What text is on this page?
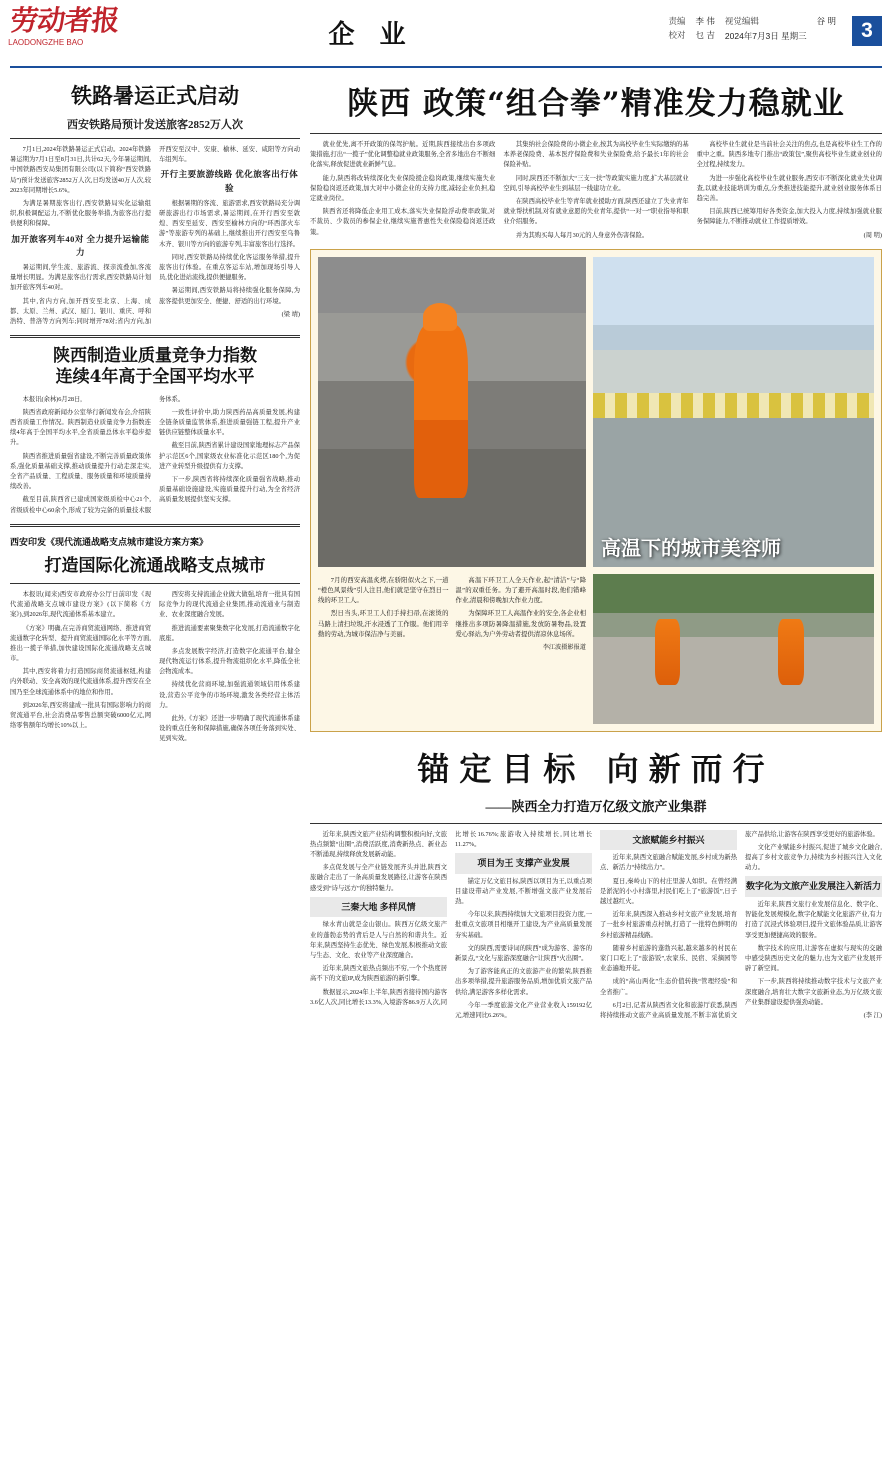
劳动者报
LAODONGZHE BAO	企 业	责编 李 伟 视觉编辑	谷 明
校对 乜 吉 2024年7月3日 星期三	3
铁路暑运正式启动
西安铁路局预计发送旅客2852万人次

7月1日,2024年铁路暑运正式启动。2024年铁路暑运期为7月1日至8月31日,共计62天,今年暑运期间,中国铁路西安局集团有限公司(以下简称“西安铁路局”)预计发送旅客2852万人次,日均发送40万人次,较2023年同期增长5.6%。

为满足暑期旅客出行,西安铁路局实化运输组织,积极调配运力,不断优化服务举措,为旅客出行提供便利和保障。

加开旅客列车40对 全力提升运输能力

暑运期间,学生流、旅游流、探亲流叠加,客流量增长明显。为满足旅客出行需求,西安铁路局计划加开旅客列车40对。

其中,省内方向,加开西安至北京、上海、成都、太原、兰州、武汉、厦门、银川、重庆、呼和浩特、普洛等方向列车;同时增开78对;省内方向,加开西安至汉中、安康、榆林、延安、咸阳等方向动车组列车。

开行主要旅游线路 优化旅客出行体验

根据暑期的客流、旅游需求,西安铁路局充分调研旅游出行市场需求,暑运期间,在开行西安至敦煌、西安至延安、西安至榆林方向的“环西部火车游”等旅游专列的基础上,继续推出开行西安至乌鲁木齐、银川等方向的旅游专列,丰富旅客出行选择。

同时,西安铁路局持续优化客运服务举措,提升旅客出行体验。在重点客运车站,增加现场引导人员,优化进站流线,提供便捷服务。

暑运期间,西安铁路局将持续强化服务保障,为旅客提供更加安全、便捷、舒适的出行环境。

(梁 靖)

陕西制造业质量竞争力指数
连续4年高于全国平均水平

本报讯(余林)6月28日,

陕西省政府新闻办公室举行新闻发布会,介绍陕西省质量工作情况。陕西制造业质量竞争力指数连续4年高于全国平均水平,全省质量总体水平稳步提升。

陕西省推进质量强省建设,不断完善质量政策体系,强化质量基础支撑,推动质量提升行动走深走实,全省产品质量、工程质量、服务质量和环境质量持续改善。

截至目前,陕西省已建成国家级质检中心21个,省级质检中心60余个,形成了较为完备的质量技术服务体系。

一致性评价中,助力陕西药品高质量发展,构建全链条质量监管体系,推进质量强链工程,提升产业链供应链整体质量水平。

截至目前,陕西省累计建设国家地理标志产品保护示范区6个,国家级农业标准化示范区180个,为促进产业转型升级提供有力支撑。

下一步,陕西省将持续深化质量强省战略,推动质量基础设施建设,实施质量提升行动,为全省经济高质量发展提供坚实支撑。

西安印发《现代流通战略支点城市建设方案方案》
打造国际化流通战略支点城市

本报讯(闻来)西安市政府办公厅日前印发《现代流通战略支点城市建设方案》(以下简称《方案》),到2026年,现代流通体系基本建立。

《方案》明确,在完善商贸流通网络、推进商贸流通数字化转型、提升商贸流通国际化水平等方面,推出一揽子举措,加快建设国际化流通战略支点城市。

其中,西安将着力打造国际商贸流通枢纽,构建内外联动、安全高效的现代流通体系,提升西安在全国乃至全球流通体系中的地位和作用。

到2026年,西安将建成一批具有国际影响力的商贸流通平台,社会消费品零售总额突破6000亿元,网络零售额年均增长10%以上。

西安将支持流通企业做大做强,培育一批具有国际竞争力的现代流通企业集团,推动流通业与制造业、农业深度融合发展。

推进流通要素聚集数字化发展,打造流通数字化底座。

多点发展数字经济,打造数字化流通平台,健全现代物流运行体系,提升物流组织化水平,降低全社会物流成本。

持续优化营商环境,加强流通领域信用体系建设,营造公平竞争的市场环境,激发各类经营主体活力。

此外,《方案》还进一步明确了现代流通体系建设的重点任务和保障措施,确保各项任务落到实处、见到实效。

陕西 政策“组合拳”精准发力稳就业

就业优先,离不开政策的保驾护航。近期,陕西接续出台多项政策措施,打出“一揽子”优化调整稳就业政策服务,全省多地出台不断细化落实,释放促进就业新鲜气息。

能力,陕西将改转续深化失业保险援企稳岗政策,继续实施失业保险稳岗返还政策,加大对中小微企业的支持力度,减轻企业负担,稳定就业岗位。

陕西省还将降低企业用工成本,落实失业保险浮动费率政策,对不裁员、少裁员的参保企业,继续实施普惠性失业保险稳岗返还政策。

其集纳社会保险费的小微企业,按其为高校毕业生实际缴纳的基本养老保险费、基本医疗保险费和失业保险费,给予最长1年的社会保险补贴。

同时,陕西还不断加大“三支一扶”等政策实施力度,扩大基层就业空间,引导高校毕业生到基层一线建功立业。

在陕西高校毕业生等青年就业援助方面,陕西还建立了失业青年就业帮扶机制,对有就业意愿的失业青年,提供“一对一”职业指导和职业介绍服务。

并为其购买每人每月30元的人身意外伤害保险。

高校毕业生就业是当前社会关注的焦点,也是高校毕业生工作的重中之重。陕西多地专门推出“政策包”,聚焦高校毕业生就业创业的全过程,持续发力。

为进一步强化高校毕业生就业服务,西安市不断深化就业失业调查,以就业技能培训为重点,分类推进技能提升,就业创业服务体系日趋完善。

目前,陕西已统筹用好各类资金,加大投入力度,持续加强就业服务保障能力,不断推动就业工作提质增效。

(周 明)

高温下的城市美容师

7月的西安高温炙烤,在骄阳似火之下,一道“橙色风景线”引人注目,他们就是坚守在烈日一线的环卫工人。

烈日当头,环卫工人们手持扫帚,在滚烫的马路上清扫垃圾,汗水浸透了工作服。他们用辛勤的劳动,为城市保洁净与美丽。

高温下环卫工人全天作业,起“清洁”与“降温”的双重任务。为了避开高温时段,他们错峰作业,清晨和傍晚加大作业力度。

为保障环卫工人高温作业的安全,各企业相继推出多项防暑降温措施,发放防暑物品,设置爱心驿站,为户外劳动者提供清凉休息场所。

李江波摄影报道

锚定目标 向新而行
——陕西全力打造万亿级文旅产业集群

近年来,陕西文旅产业结构调整积极向好,文旅热点频繁“出圈”,消费活跃度,消费新热点、新业态不断涌现,持续释放发展新动能。

多点促发展与全产业链发展齐头并进,陕西文旅融合走出了一条高质量发展路径,让游客在陕西感受到“诗与远方”的独特魅力。

三秦大地 多样风情

绿水青山就是金山银山。陕西万亿级文旅产业的蓬勃态势的背后是人与自然的和谐共生。近年来,陕西坚持生态优先、绿色发展,积极推动文旅与生态、文化、农业等产业深度融合。

近年来,陕西文旅热点频出不穷,一个个热度居高不下的文旅IP,成为陕西旅游的新引擎。

数据显示,2024年上半年,陕西省接待国内游客3.6亿人次,同比增长13.3%,入境游客86.9万人次,同比增长16.76%;旅游收入持续增长,同比增长11.27%。

项目为王 支撑产业发展

锚定万亿文旅目标,陕西以项目为王,以重点项目建设带动产业发展,不断增强文旅产业发展后劲。

今年以来,陕西持续加大文旅项目投资力度,一批重点文旅项目相继开工建设,为产业高质量发展夯实基础。

文的陕西,需要诗词的陕西“成为游客、游客的新景点,“文化与旅游深度融合”让陕西“火出圈”。

为了游客能真正的文旅游产业的繁荣,陕西推出多项举措,提升旅游服务品质,增加优质文旅产品供给,满足游客多样化需求。

今年一季度旅游文化产业营业收入159192亿元,增速同比6.26%。

文旅赋能乡村振兴

近年来,陕西文旅融合赋能发展,乡村成为新热点、新活力“持续出力”。

夏日,秦岭山下的村庄里游人如织。在曾经满是淤泥的小小村落里,村民们吃上了“旅游饭”,日子越过越红火。

近年来,陕西深入推动乡村文旅产业发展,培育了一批乡村旅游重点村镇,打造了一批特色鲜明的乡村旅游精品线路。

随着乡村旅游的蓬勃兴起,越来越多的村民在家门口吃上了“旅游饭”,农家乐、民宿、采摘园等业态遍地开花。

成的“高山两化”生态价值转换“管理经验”和全省推广。

6月2日,记者从陕西省文化和旅游厅获悉,陕西将持续推动文旅产业高质量发展,不断丰富优质文旅产品供给,让游客在陕西享受更好的旅游体验。

文化产业赋能乡村振兴,促进了城乡文化融合,提高了乡村文旅竞争力,持续为乡村振兴注入文化动力。

数字化为文旅产业发展注入新活力

近年来,陕西文旅行业发展信息化、数字化、智能化发展规模化,数字化赋能文化旅游产业,有力打造了沉浸式体验项目,提升文旅体验品质,让游客享受更加便捷高效的服务。

数字技术的应用,让游客在虚拟与现实的交融中感受陕西历史文化的魅力,也为文旅产业发展开辟了新空间。

下一步,陕西将持续推动数字技术与文旅产业深度融合,培育壮大数字文旅新业态,为万亿级文旅产业集群建设提供强劲动能。

(李 江)
